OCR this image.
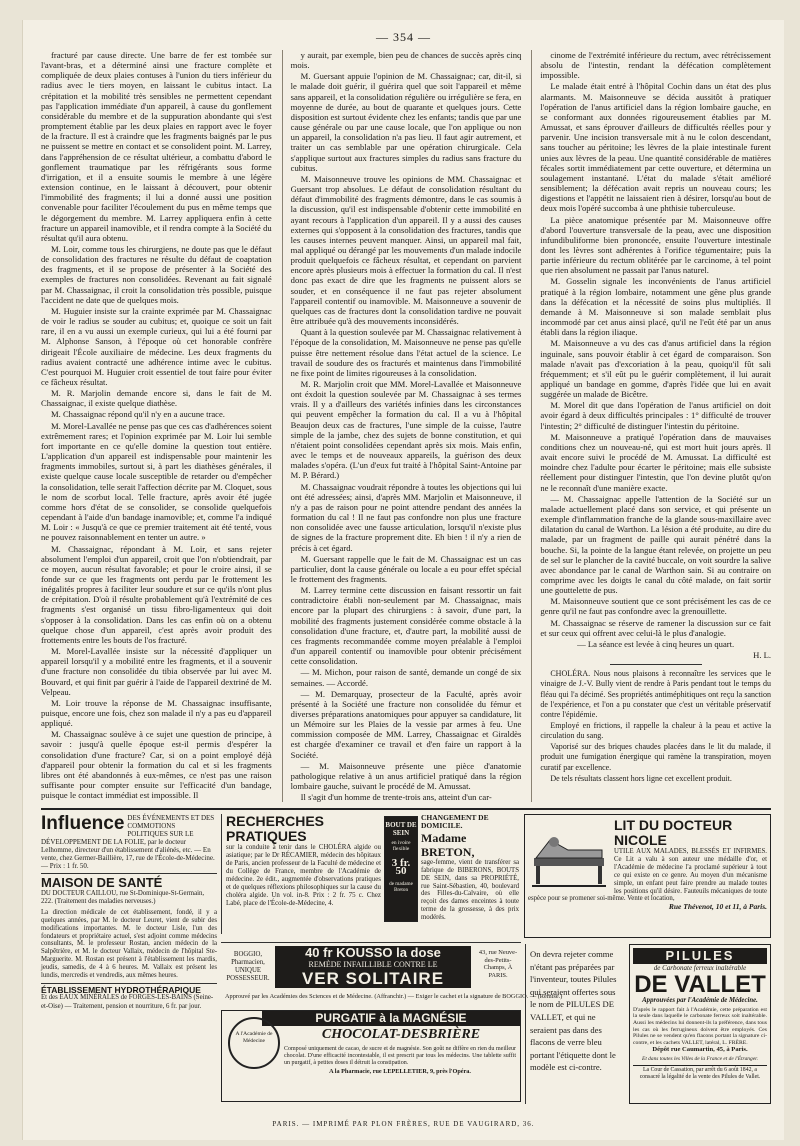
— 354 —

fracturé par cause directe. Une barre de fer est tombée sur l'avant-bras, et a déterminé ainsi une fracture complète et compliquée de deux plaies contuses à l'union du tiers inférieur du radius avec le tiers moyen, en laissant le cubitus intact. La crépitation et la mobilité très sensibles ne permettent cependant pas l'application immédiate d'un appareil, à cause du gonflement considérable du membre et de la suppuration abondante qui s'est promptement établie par les deux plaies en rapport avec le foyer de la fracture. Il est à craindre que les fragments baignés par le pus ne puissent se mettre en contact et se consolident point. M. Larrey, dans l'appréhension de ce résultat ultérieur, a combattu d'abord le gonflement traumatique par les réfrigérants sous forme d'irrigation, et il a ensuite soumis le membre à une légère extension continue, en le laissant à découvert, pour obtenir l'immobilité des fragments; il lui a donné aussi une position convenable pour faciliter l'écoulement du pus en même temps que le dégorgement du membre. M. Larrey appliquera enfin à cette fracture un appareil inamovible, et il rendra compte à la Société du résultat qu'il aura obtenu.

M. Loir, comme tous les chirurgiens, ne doute pas que le défaut de consolidation des fractures ne résulte du défaut de coaptation des fragments, et il se propose de présenter à la Société des exemples de fractures non consolidées. Revenant au fait signalé par M. Chassaignac, il croit la consolidation très possible, puisque l'accident ne date que de quelques mois.

M. Huguier insiste sur la crainte exprimée par M. Chassaignac de voir le radius se souder au cubitus; et, quoique ce soit un fait rare, il en a vu aussi un exemple curieux, qui lui a été fourni par M. Alphonse Sanson, à l'époque où cet honorable confrère dirigeait l'École auxiliaire de médecine. Les deux fragments du radius avaient contracté une adhérence intime avec le cubitus. C'est pourquoi M. Huguier croit essentiel de tout faire pour éviter ce fâcheux résultat.

M. R. Marjolin demande encore si, dans le fait de M. Chassaignac, il existe quelque diathèse.

M. Chassaignac répond qu'il n'y en a aucune trace.

M. Morel-Lavallée ne pense pas que ces cas d'adhérences soient extrêmement rares; et l'opinion exprimée par M. Loir lui semble fort importante en ce qu'elle domine la question tout entière. L'application d'un appareil est indispensable pour maintenir les fragments immobiles, surtout si, à part les diathèses générales, il existe quelque cause locale susceptible de retarder ou d'empêcher la consolidation, telle serait l'affection décrite par M. Cloquet, sous le nom de scorbut local. Telle fracture, après avoir été jugée comme hors d'état de se consolider, se consolide quelquefois cependant à l'aide d'un bandage inamovible; et, comme l'a indiqué M. Loir : « Jusqu'à ce que ce premier traitement ait été tenté, vous ne pouvez raisonnablement en tenter un autre. »

M. Chassaignac, répondant à M. Loir, et sans rejeter absolument l'emploi d'un appareil, croit que l'on n'obtiendrait, par ce moyen, aucun résultat favorable; et pour le croire ainsi, il se fonde sur ce que les fragments ont perdu par le frottement les inégalités propres à faciliter leur soudure et sur ce qu'ils n'ont plus de crépitation. D'où il résulte probablement qu'à l'extrémité de ces fragments s'est organisé un tissu fibro-ligamenteux qui doit s'opposer à la consolidation. Dans les cas enfin où on a obtenu quelque chose d'un appareil, c'est après avoir produit des frottements entre les bouts de l'os fracturé.

M. Morel-Lavallée insiste sur la nécessité d'appliquer un appareil lorsqu'il y a mobilité entre les fragments, et il a souvenir d'une fracture non consolidée du tibia observée par lui avec M. Bouvard, et qui finit par guérir à l'aide de l'appareil dextriné de M. Velpeau.

M. Loir trouve la réponse de M. Chassaignac insuffisante, puisque, encore une fois, chez son malade il n'y a pas eu d'appareil appliqué.

M. Chassaignac soulève à ce sujet une question de principe, à savoir : jusqu'à quelle époque est-il permis d'espérer la consolidation d'une fracture? Car, si on a point employé déjà d'appareil pour obtenir la formation du cal et si les fragments libres ont été abandonnés à eux-mêmes, ce n'est pas une raison suffisante pour compter ensuite sur l'efficacité d'un bandage, puisque le contact immédiat est impossible. Il

y aurait, par exemple, bien peu de chances de succès après cinq mois.

M. Guersant appuie l'opinion de M. Chassaignac; car, dit-il, si le malade doit guérir, il guérira quel que soit l'appareil et même sans appareil, et la consolidation régulière ou irrégulière se fera, en moyenne de durée, au bout de quarante et quelques jours. Cette disposition est surtout évidente chez les enfants; tandis que par une cause générale ou par une cause locale, que l'on applique ou non un appareil, la consolidation n'a pas lieu. Il faut agir autrement, et traiter un cas semblable par une opération chirurgicale. Cela s'applique surtout aux fractures simples du radius sans fracture du cubitus.

M. Maisonneuve trouve les opinions de MM. Chassaignac et Guersant trop absolues. Le défaut de consolidation résultant du défaut d'immobilité des fragments démontre, dans le cas soumis à la discussion, qu'il est indispensable d'obtenir cette immobilité en ayant recours à l'application d'un appareil. Il y a aussi des causes externes qui s'opposent à la consolidation des fractures, tandis que les causes internes peuvent manquer. Ainsi, un appareil mal fait, mal appliqué ou dérangé par les mouvements d'un malade indocile produit quelquefois ce fâcheux résultat, et cependant on parvient encore après plusieurs mois à effectuer la formation du cal. Il n'est donc pas exact de dire que les fragments ne puissent alors se souder, et en conséquence il ne faut pas rejeter absolument l'appareil contentif ou inamovible. M. Maisonneuve a souvenir de quelques cas de fractures dont la consolidation tardive ne pouvait être attribuée qu'à des mouvements inconsidérés.

Quant à la question soulevée par M. Chassaignac relativement à l'époque de la consolidation, M. Maisonneuve ne pense pas qu'elle puisse être nettement résolue dans l'état actuel de la science. Le travail de soudure des os fracturés et maintenus dans l'immobilité ne fixe point de limites rigoureuses à la consolidation.

M. R. Marjolin croit que MM. Morel-Lavallée et Maisonneuve ont éxdoit la question soulevée par M. Chassaignac à ses termes vrais. Il y a d'ailleurs des variétés infinies dans les circonstances qui peuvent empêcher la formation du cal. Il a vu à l'hôpital Beaujon deux cas de fractures, l'une simple de la cuisse, l'autre simple de la jambe, chez des sujets de bonne constitution, et qui n'étaient point consolidées cependant après six mois. Mais enfin, avec le temps et de nouveaux appareils, la guérison des deux malades s'opéra. (L'un d'eux fut traité à l'hôpital Saint-Antoine par M. P. Bérard.)

M. Chassaignac voudrait répondre à toutes les objections qui lui ont été adressées; ainsi, d'après MM. Marjolin et Maisonneuve, il n'y a pas de raison pour ne point attendre pendant des années la formation du cal ! Il ne faut pas confondre non plus une fracture non consolidée avec une fausse articulation, lorsqu'il n'existe plus de signes de la fracture proprement dite. Eh bien ! il n'y a rien de précis à cet égard.

M. Guersant rappelle que le fait de M. Chassaignac est un cas particulier, dont la cause générale ou locale a eu pour effet spécial le frottement des fragments.

M. Larrey termine cette discussion en faisant ressortir un fait contradictoire établi non-seulement par M. Chassaignac, mais encore par la plupart des chirurgiens : à savoir, d'une part, la mobilité des fragments justement considérée comme obstacle à la consolidation d'une fracture, et, d'autre part, la mobilité aussi de ces fragments recommandée comme moyen préalable à l'emploi d'un appareil contentif ou inamovible pour obtenir précisément cette consolidation.

— M. Michon, pour raison de santé, demande un congé de six semaines. — Accordé.

— M. Demarquay, prosecteur de la Faculté, après avoir présenté à la Société une fracture non consolidée du fémur et diverses préparations anatomiques pour appuyer sa candidature, lit un Mémoire sur les Plaies de la vessie par armes à feu. Une commission composée de MM. Larrey, Chassaignac et Giraldès est chargée d'examiner ce travail et d'en faire un rapport à la Société.

— M. Maisonneuve présente une pièce d'anatomie pathologique relative à un anus artificiel pratiqué dans la région lombaire gauche, suivant le procédé de M. Amussat.

Il s'agit d'un homme de trente-trois ans, atteint d'un car-

cinome de l'extrémité inférieure du rectum, avec rétrécissement absolu de l'intestin, rendant la défécation complètement impossible.

Le malade était entré à l'hôpital Cochin dans un état des plus alarmants. M. Maisonneuve se décida aussitôt à pratiquer l'opération de l'anus artificiel dans la région lombaire gauche, en se conformant aux données rigoureusement établies par M. Amussat, et sans éprouver d'ailleurs de difficultés réelles pour y parvenir. Une incision transversale mit à nu le colon descendant, sans toucher au péritoine; les lèvres de la plaie intestinale furent unies aux lèvres de la peau. Une quantité considérable de matières fécales sortit immédiatement par cette ouverture, et détermina un soulagement instantané. L'état du malade s'était amélioré sensiblement; la défécation avait repris un nouveau cours; les digestions et l'appétit ne laissaient rien à désirer, lorsqu'au bout de deux mois l'opéré succomba à une phthisie tuberculeuse.

La pièce anatomique présentée par M. Maisonneuve offre d'abord l'ouverture transversale de la peau, avec une disposition infundibuliforme bien prononcée, ensuite l'ouverture intestinale dont les lèvres sont adhérentes à l'orifice tégumentaire; puis la partie inférieure du rectum oblitérée par le carcinome, à tel point que rien absolument ne passait par l'anus naturel.

M. Gosselin signale les inconvénients de l'anus artificiel pratiqué à la région lombaire, notamment une gêne plus grande dans la défécation et la nécessité de soins plus multipliés. Il demande à M. Maisonneuve si son malade semblait plus incommodé par cet anus ainsi placé, qu'il ne l'eût été par un anus établi dans la région iliaque.

M. Maisonneuve a vu des cas d'anus artificiel dans la région inguinale, sans pouvoir établir à cet égard de comparaison. Son malade n'avait pas d'excoriation à la peau, quoiqu'il fût sali fréquemment; et s'il eût pu le guérir complètement, il lui aurait appliqué un bandage en gomme, d'après l'idée que lui en avait suggérée un malade de Bicêtre.

M. Morel dit que dans l'opération de l'anus artificiel on doit avoir égard à deux difficultés principales : 1° difficulté de trouver l'intestin; 2° difficulté de distinguer l'intestin du péritoine.

M. Maisonneuve a pratiqué l'opération dans de mauvaises conditions chez un nouveau-né, qui est mort huit jours après. Il avait encore suivi le procédé de M. Amussat. La difficulté est moindre chez l'adulte pour écarter le péritoine; mais elle subsiste réellement pour distinguer l'intestin, que l'on devine plutôt qu'on ne le reconnaît d'une manière exacte.

— M. Chassaignac appelle l'attention de la Société sur un malade actuellement placé dans son service, et qui présente un exemple d'inflammation franche de la glande sous-maxillaire avec dilatation du canal de Warthon. La lésion a été produite, au dire du malade, par un fragment de paille qui aurait pénétré dans la bouche. Si, la pointe de la langue étant relevée, on projette un peu de sel sur le plancher de la cavité buccale, on voit sourdre la salive avec abondance par le canal de Warthon sain. Si au contraire on comprime avec les doigts le canal du côté malade, on fait sortir une gouttelette de pus.

M. Maisonneuve soutient que ce sont précisément les cas de ce genre qu'il ne faut pas confondre avec la grenouillette.

M. Chassaignac se réserve de ramener la discussion sur ce fait et sur ceux qui offrent avec celui-là le plus d'analogie.

— La séance est levée à cinq heures un quart.

H. L.

CHOLÉRA. Nous nous plaisons à reconnaître les services que le vinaigre de J.-V. Bully vient de rendre à Paris pendant tout le temps du fléau qui l'a décimé. Ses propriétés antiméphitiques ont reçu la sanction de l'expérience, et l'on a pu constater que c'est un véritable préservatif contre l'épidémie.

Employé en frictions, il rappelle la chaleur à la peau et active la circulation du sang.

Vaporisé sur des briques chaudes placées dans le lit du malade, il produit une fumigation énergique qui ramène la transpiration, moyen curatif par excellence.

De tels résultats classent hors ligne cet excellent produit.

Influence DES ÉVÉNEMENTS ET DES COMMOTIONS POLITIQUES SUR LE DÉVELOPPEMENT DE LA FOLIE, par le docteur Lelhomme, directeur d'un établissement d'aliénés, etc. — En vente, chez Germer-Baillière, 17, rue de l'École-de-Médecine. — Prix : 1 fr. 50.
MAISON DE SANTÉ
DU DOCTEUR CAILLOU, rue St-Dominique-St-Germain, 222. (Traitement des maladies nerveuses.)
La direction médicale de cet établissement, fondé, il y a quelques années, par M. le docteur Leuret, vient de subir des modifications importantes. M. le docteur Lisle, l'un des fondateurs et propriétaire actuel, s'est adjoint comme médecins consultants, M. le professeur Rostan, ancien médecin de la Salpêtrière, et M. le docteur Vallaix, médecin de l'hôpital Ste-Marguerite. M. Rostan est présent à l'établissement les mardis, jeudis, samedis, de 4 à 6 heures. M. Vallaix est présent les lundis, mercredis et vendredis, aux mêmes heures.
ÉTABLISSEMENT HYDROTHÉRAPIQUE
Et des EAUX MINÉRALES de FORGES-LES-BAINS (Seine-et-Oise) — Traitement, pension et nourriture, 6 fr. par jour.
RECHERCHES PRATIQUES
sur la conduite à tenir dans le CHOLÉRA algide ou asiatique; par le Dr RÉCAMIER, médecin des hôpitaux de Paris, ancien professeur de la Faculté de médecine et du Collège de France, membre de l'Académie de médecine. 2e édit., augmentée d'observations pratiques et de quelques réflexions philosophiques sur la cause du choléra algide. Un vol. in-8. Prix : 2 fr. 75 c. Chez Labé, place de l'École-de-Médecine, 4.
BOUT DE SEIN
en ivoire flexible
3 fr.
50
de madame Breton
CHANGEMENT DE DOMICILE.
Madame BRETON,
sage-femme, vient de transférer sa fabrique de BIBERONS, BOUTS DE SEIN, dans sa PROPRIÉTÉ, rue Saint-Sébastien, 40, boulevard des Filles-du-Calvaire, où elle reçoit des dames enceintes à toute terme de la grossesse, à des prix modérés.
LIT DU DOCTEUR NICOLE
UTILE AUX MALADES, BLESSÉS ET INFIRMES. Ce Lit a valu à son auteur une médaille d'or, et l'Académie de médecine l'a proclamé supérieur à tout ce qui existe en ce genre. Au moyen d'un mécanisme simple, un enfant peut faire prendre au malade toutes les positions qu'il désire. Fauteuils mécaniques de toute espèce pour se promener soi-même. Vente et location,
Rue Thévenot, 10 et 11, à Paris.
BOGGIO, Pharmacien, UNIQUE POSSESSEUR.
40 fr KOUSSO la dose
REMÈDE INFAILLIBLE CONTRE LE
VER SOLITAIRE
43, rue Neuve-des-Petits-Champs, À PARIS.
Approuvé par les Académies des Sciences et de Médecine. (Affranchir.) — Exiger le cachet et la signature de BOGGIO. — (Remise.)
PURGATIF à la MAGNÉSIE
A l'Académie de Médecine	CHOCOLAT-DESBRIÈRE
Composé uniquement de cacao, de sucre et de magnésie. Son goût ne diffère en rien du meilleur chocolat. D'une efficacité incontestable, il est prescrit par tous les médecins. Une tablette suffit un purgatif, à petites doses il détruit la constipation.
A la Pharmacie, rue LEPELLETIER, 9, près l'Opéra.
On devra rejeter comme n'étant pas préparées par l'inventeur, toutes Pilules qui seraient offertes sous le nom de PILULES DE VALLET, et qui ne seraient pas dans des flacons de verre bleu portant l'étiquette dont le modèle est ci-contre.
PILULES
de Carbonate ferreux inaltérable
DE VALLET
Approuvées par l'Académie de Médecine.
D'après le rapport fait à l'Académie, cette préparation est la seule dans laquelle le carbonate ferreux soit inaltérable. Aussi les médecins lui donnent-ils la préférence, dans tous les cas où les ferrugineux doivent être employés. Ces Pilules ne se vendent qu'en flacons portant la signature ci-contre, et les cachets VALLET, latéral, L. FRÈRE.
Dépôt rue Caumartin, 45, à Paris.
Et dans toutes les Villes de la France et de l'Étranger.
La Cour de Cassation, par arrêt du 6 août 1842, a consacré la légalité de la vente des Pilules de Vallet.
PARIS. — IMPRIMÉ PAR PLON FRÈRES, RUE DE VAUGIRARD, 36.
